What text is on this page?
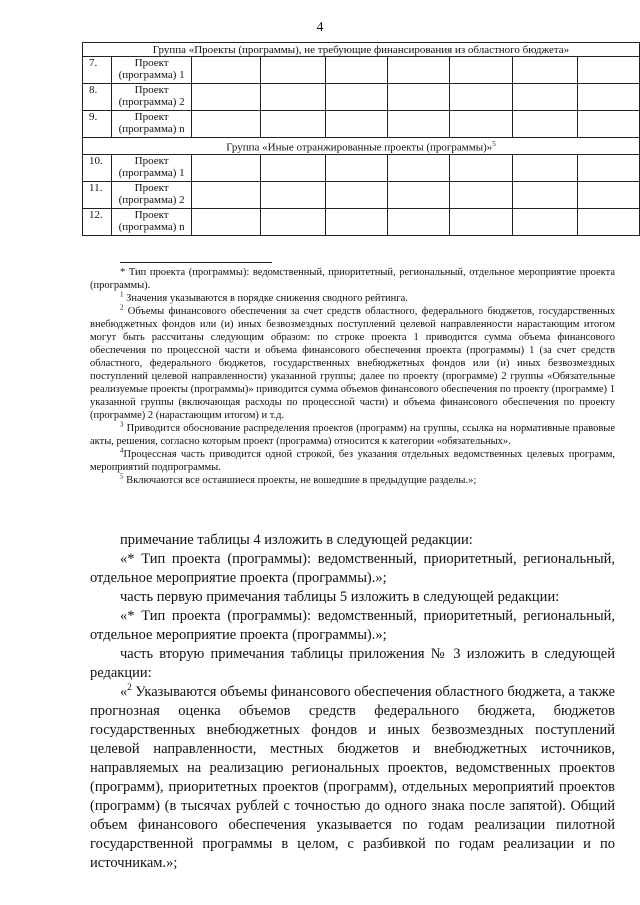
4
Группа «Проекты (программы), не требующие финансирования из областного бюджета»								
7.	Проект
(программа) 1							
8.	Проект
(программа) 2							
9.	Проект
(программа) n							
Группа «Иные отранжированные проекты (программы)»$^5$
10.	Проект
(программа) 1							
11.	Проект
(программа) 2							
12.	Проект
(программа) n							

* Тип проекта (программы): ведомственный, приоритетный, региональный, отдельное мероприятие проекта (программы).

$^1$ Значения указываются в порядке снижения сводного рейтинга.

$^2$ Объемы финансового обеспечения за счет средств областного, федерального бюджетов, государственных внебюджетных фондов или (и) иных безвозмездных поступлений целевой направленности нарастающим итогом могут быть рассчитаны следующим образом: по строке проекта 1 приводится сумма объема финансового обеспечения по процессной части и объема финансового обеспечения проекта (программы) 1 (за счет средств областного, федерального бюджетов, государственных внебюджетных фондов или (и) иных безвозмездных поступлений целевой направленности) указанной группы; далее по проекту (программе) 2 группы «Обязательные реализуемые проекты (программы)» приводится сумма объемов финансового обеспечения по проекту (программе) 1 указанной группы (включающая расходы по процессной части) и объема финансового обеспечения по проекту (программе) 2 (нарастающим итогом) и т.д.

$^3$ Приводится обоснование распределения проектов (программ) на группы, ссылка на нормативные правовые акты, решения, согласно которым проект (программа) относится к категории «обязательных».

$^4$Процессная часть приводится одной строкой, без указания отдельных ведомственных целевых программ, мероприятий подпрограммы.

$^5$ Включаются все оставшиеся проекты, не вошедшие в предыдущие разделы.»;

примечание таблицы 4 изложить в следующей редакции:

«* Тип проекта (программы): ведомственный, приоритетный, региональный, отдельное мероприятие проекта (программы).»;

часть первую примечания таблицы 5 изложить в следующей редакции:

«* Тип проекта (программы): ведомственный, приоритетный, региональный, отдельное мероприятие проекта (программы).»;

часть вторую примечания таблицы приложения № 3 изложить в следующей редакции:

«$^2$ Указываются объемы финансового обеспечения областного бюджета, а также прогнозная оценка объемов средств федерального бюджета, бюджетов государственных внебюджетных фондов и иных безвозмездных поступлений целевой направленности, местных бюджетов и внебюджетных источников, направляемых на реализацию региональных проектов, ведомственных проектов (программ), приоритетных проектов (программ), отдельных мероприятий проектов (программ) (в тысячах рублей с точностью до одного знака после запятой). Общий объем финансового обеспечения указывается по годам реализации пилотной государственной программы в целом, с разбивкой по годам реализации и по источникам.»;
